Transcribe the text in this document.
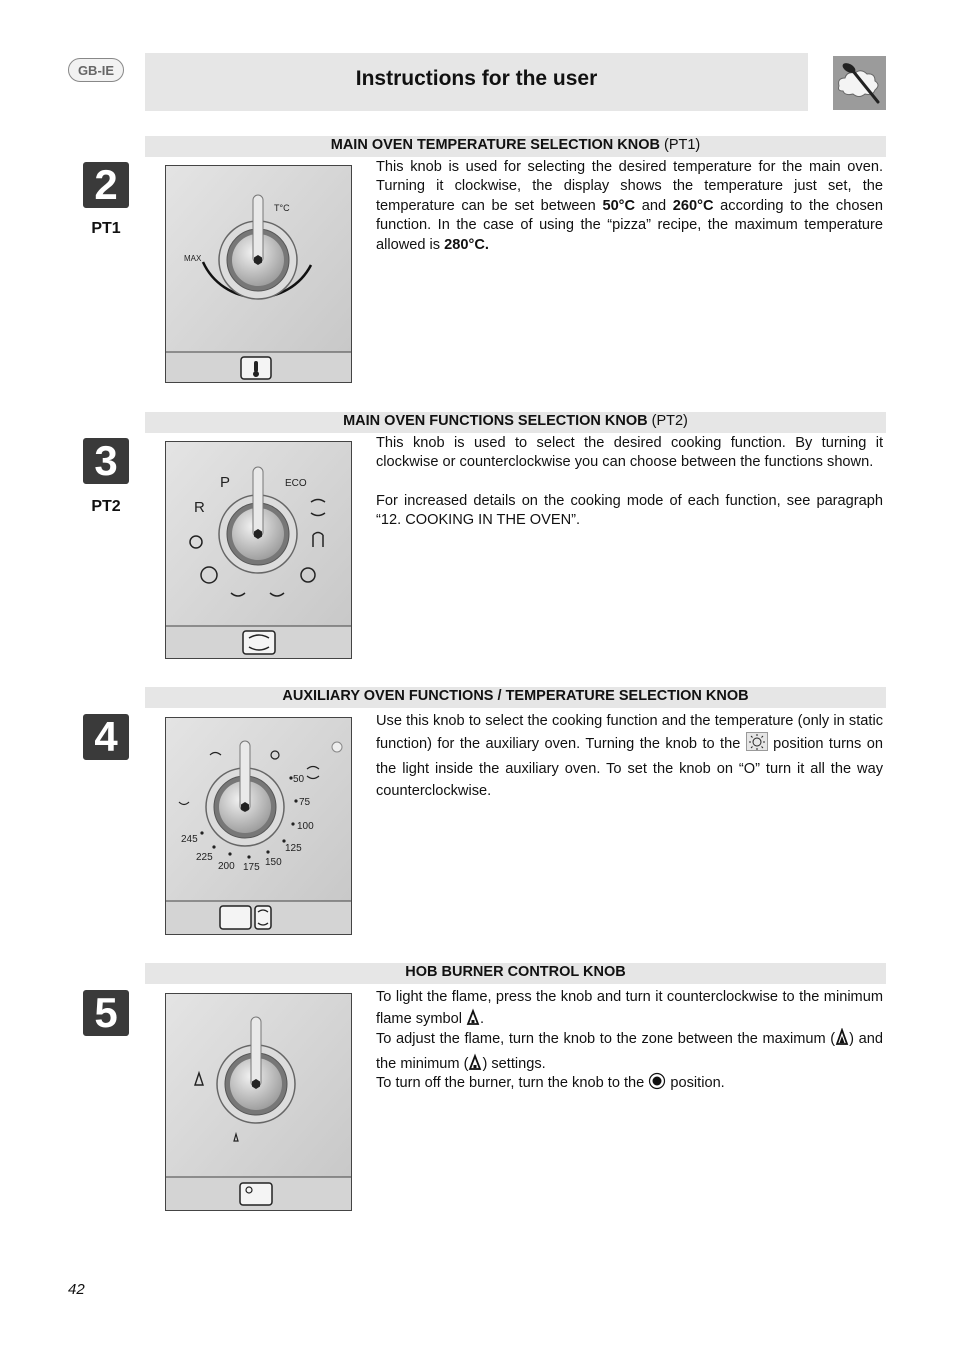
GB-IE	Instructions for the user
MAIN OVEN TEMPERATURE SELECTION KNOB (PT1)
2
PT1
T°C
MAX

This knob is used for selecting the desired temperature for the main oven. Turning it clockwise, the display shows the temperature just set, the temperature can be set between 50°C and 260°C according to the chosen function. In the case of using the “pizza” recipe, the maximum temperature allowed is 280°C.

MAIN OVEN FUNCTIONS SELECTION KNOB (PT2)
3
PT2
P	ECO
R

This knob is used to select the desired cooking function. By turning it clockwise or counterclockwise you can choose between the functions shown.

For increased details on the cooking mode of each function, see paragraph “12. COOKING IN THE OVEN”.

AUXILIARY OVEN FUNCTIONS / TEMPERATURE SELECTION KNOB
4
50
75
100
125
150
175
200
225
245

Use this knob to select the cooking function and the temperature (only in static function) for the auxiliary oven. Turning the knob to the  position turns on the light inside the auxiliary oven. To set the knob on “O” turn it all the way counterclockwise.

HOB BURNER CONTROL KNOB
5	To light the flame, press the knob and turn it counterclockwise to the minimum flame symbol .

To adjust the flame, turn the knob to the zone between the maximum ( ) and the minimum ( ) settings.

To turn off the burner, turn the knob to the  position.

42
